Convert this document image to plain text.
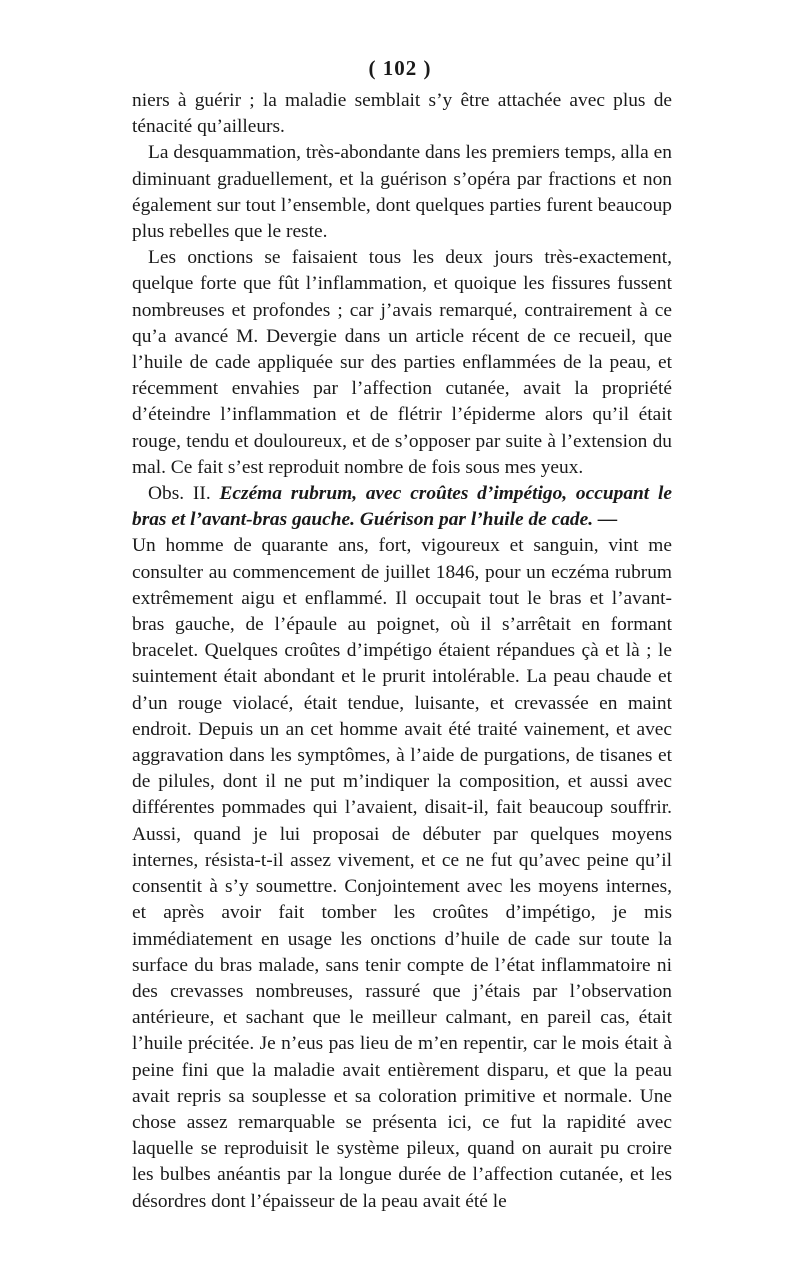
( 102 )

niers à guérir ; la maladie semblait s’y être attachée avec plus de ténacité qu’ailleurs.

La desquammation, très-abondante dans les premiers temps, alla en diminuant graduellement, et la guérison s’opéra par fractions et non également sur tout l’ensemble, dont quelques parties furent beaucoup plus rebelles que le reste.

Les onctions se faisaient tous les deux jours très-exactement, quelque forte que fût l’inflammation, et quoique les fissures fussent nombreuses et profondes ; car j’avais remarqué, contrairement à ce qu’a avancé M. Devergie dans un article récent de ce recueil, que l’huile de cade appliquée sur des parties enflammées de la peau, et récemment envahies par l’affection cutanée, avait la propriété d’éteindre l’inflammation et de flétrir l’épiderme alors qu’il était rouge, tendu et douloureux, et de s’opposer par suite à l’extension du mal. Ce fait s’est reproduit nombre de fois sous mes yeux.

Obs. II. Eczéma rubrum, avec croûtes d’impétigo, occupant le bras et l’avant-bras gauche. Guérison par l’huile de cade. —

Un homme de quarante ans, fort, vigoureux et sanguin, vint me consulter au commencement de juillet 1846, pour un eczéma rubrum extrêmement aigu et enflammé. Il occupait tout le bras et l’avant-bras gauche, de l’épaule au poignet, où il s’arrêtait en formant bracelet. Quelques croûtes d’impétigo étaient répandues çà et là ; le suintement était abondant et le prurit intolérable. La peau chaude et d’un rouge violacé, était tendue, luisante, et crevassée en maint endroit. Depuis un an cet homme avait été traité vainement, et avec aggravation dans les symptômes, à l’aide de purgations, de tisanes et de pilules, dont il ne put m’indiquer la composition, et aussi avec différentes pommades qui l’avaient, disait-il, fait beaucoup souffrir. Aussi, quand je lui proposai de débuter par quelques moyens internes, résista-t-il assez vivement, et ce ne fut qu’avec peine qu’il consentit à s’y soumettre. Conjointement avec les moyens internes, et après avoir fait tomber les croûtes d’impétigo, je mis immédiatement en usage les onctions d’huile de cade sur toute la surface du bras malade, sans tenir compte de l’état inflammatoire ni des crevasses nombreuses, rassuré que j’étais par l’observation antérieure, et sachant que le meilleur calmant, en pareil cas, était l’huile précitée. Je n’eus pas lieu de m’en repentir, car le mois était à peine fini que la maladie avait entièrement disparu, et que la peau avait repris sa souplesse et sa coloration primitive et normale. Une chose assez remarquable se présenta ici, ce fut la rapidité avec laquelle se reproduisit le système pileux, quand on aurait pu croire les bulbes anéantis par la longue durée de l’affection cutanée, et les désordres dont l’épaisseur de la peau avait été le
